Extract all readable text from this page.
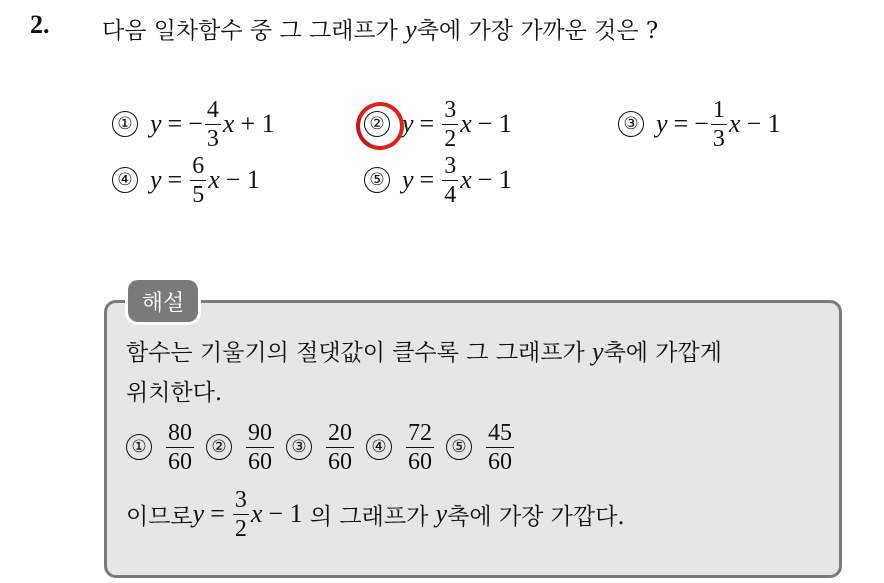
2. 다음 일차함수 중 그 그래프가 y축에 가장 가까운 것은 ?
① y = − $\frac{4}{3}$ x + 1	② $y = \frac{3}{2}$ x − 1	③ y = − $\frac{1}{3}$ x − 1
④ $y = \frac{6}{5}$ x − 1	⑤ $y = \frac{3}{4}$ x − 1
해설
함수는 기울기의 절댓값이 클수록 그 그래프가 y축에 가깝게
위치한다.
① $\frac{80}{60}$	② $\frac{90}{60}$	③ $\frac{20}{60}$	④ $\frac{72}{60}$	⑤ $\frac{45}{60}$
이므로 $y = \frac{3}{2}$ x − 1 의 그래프가 y 축에 가장 가깝다.
